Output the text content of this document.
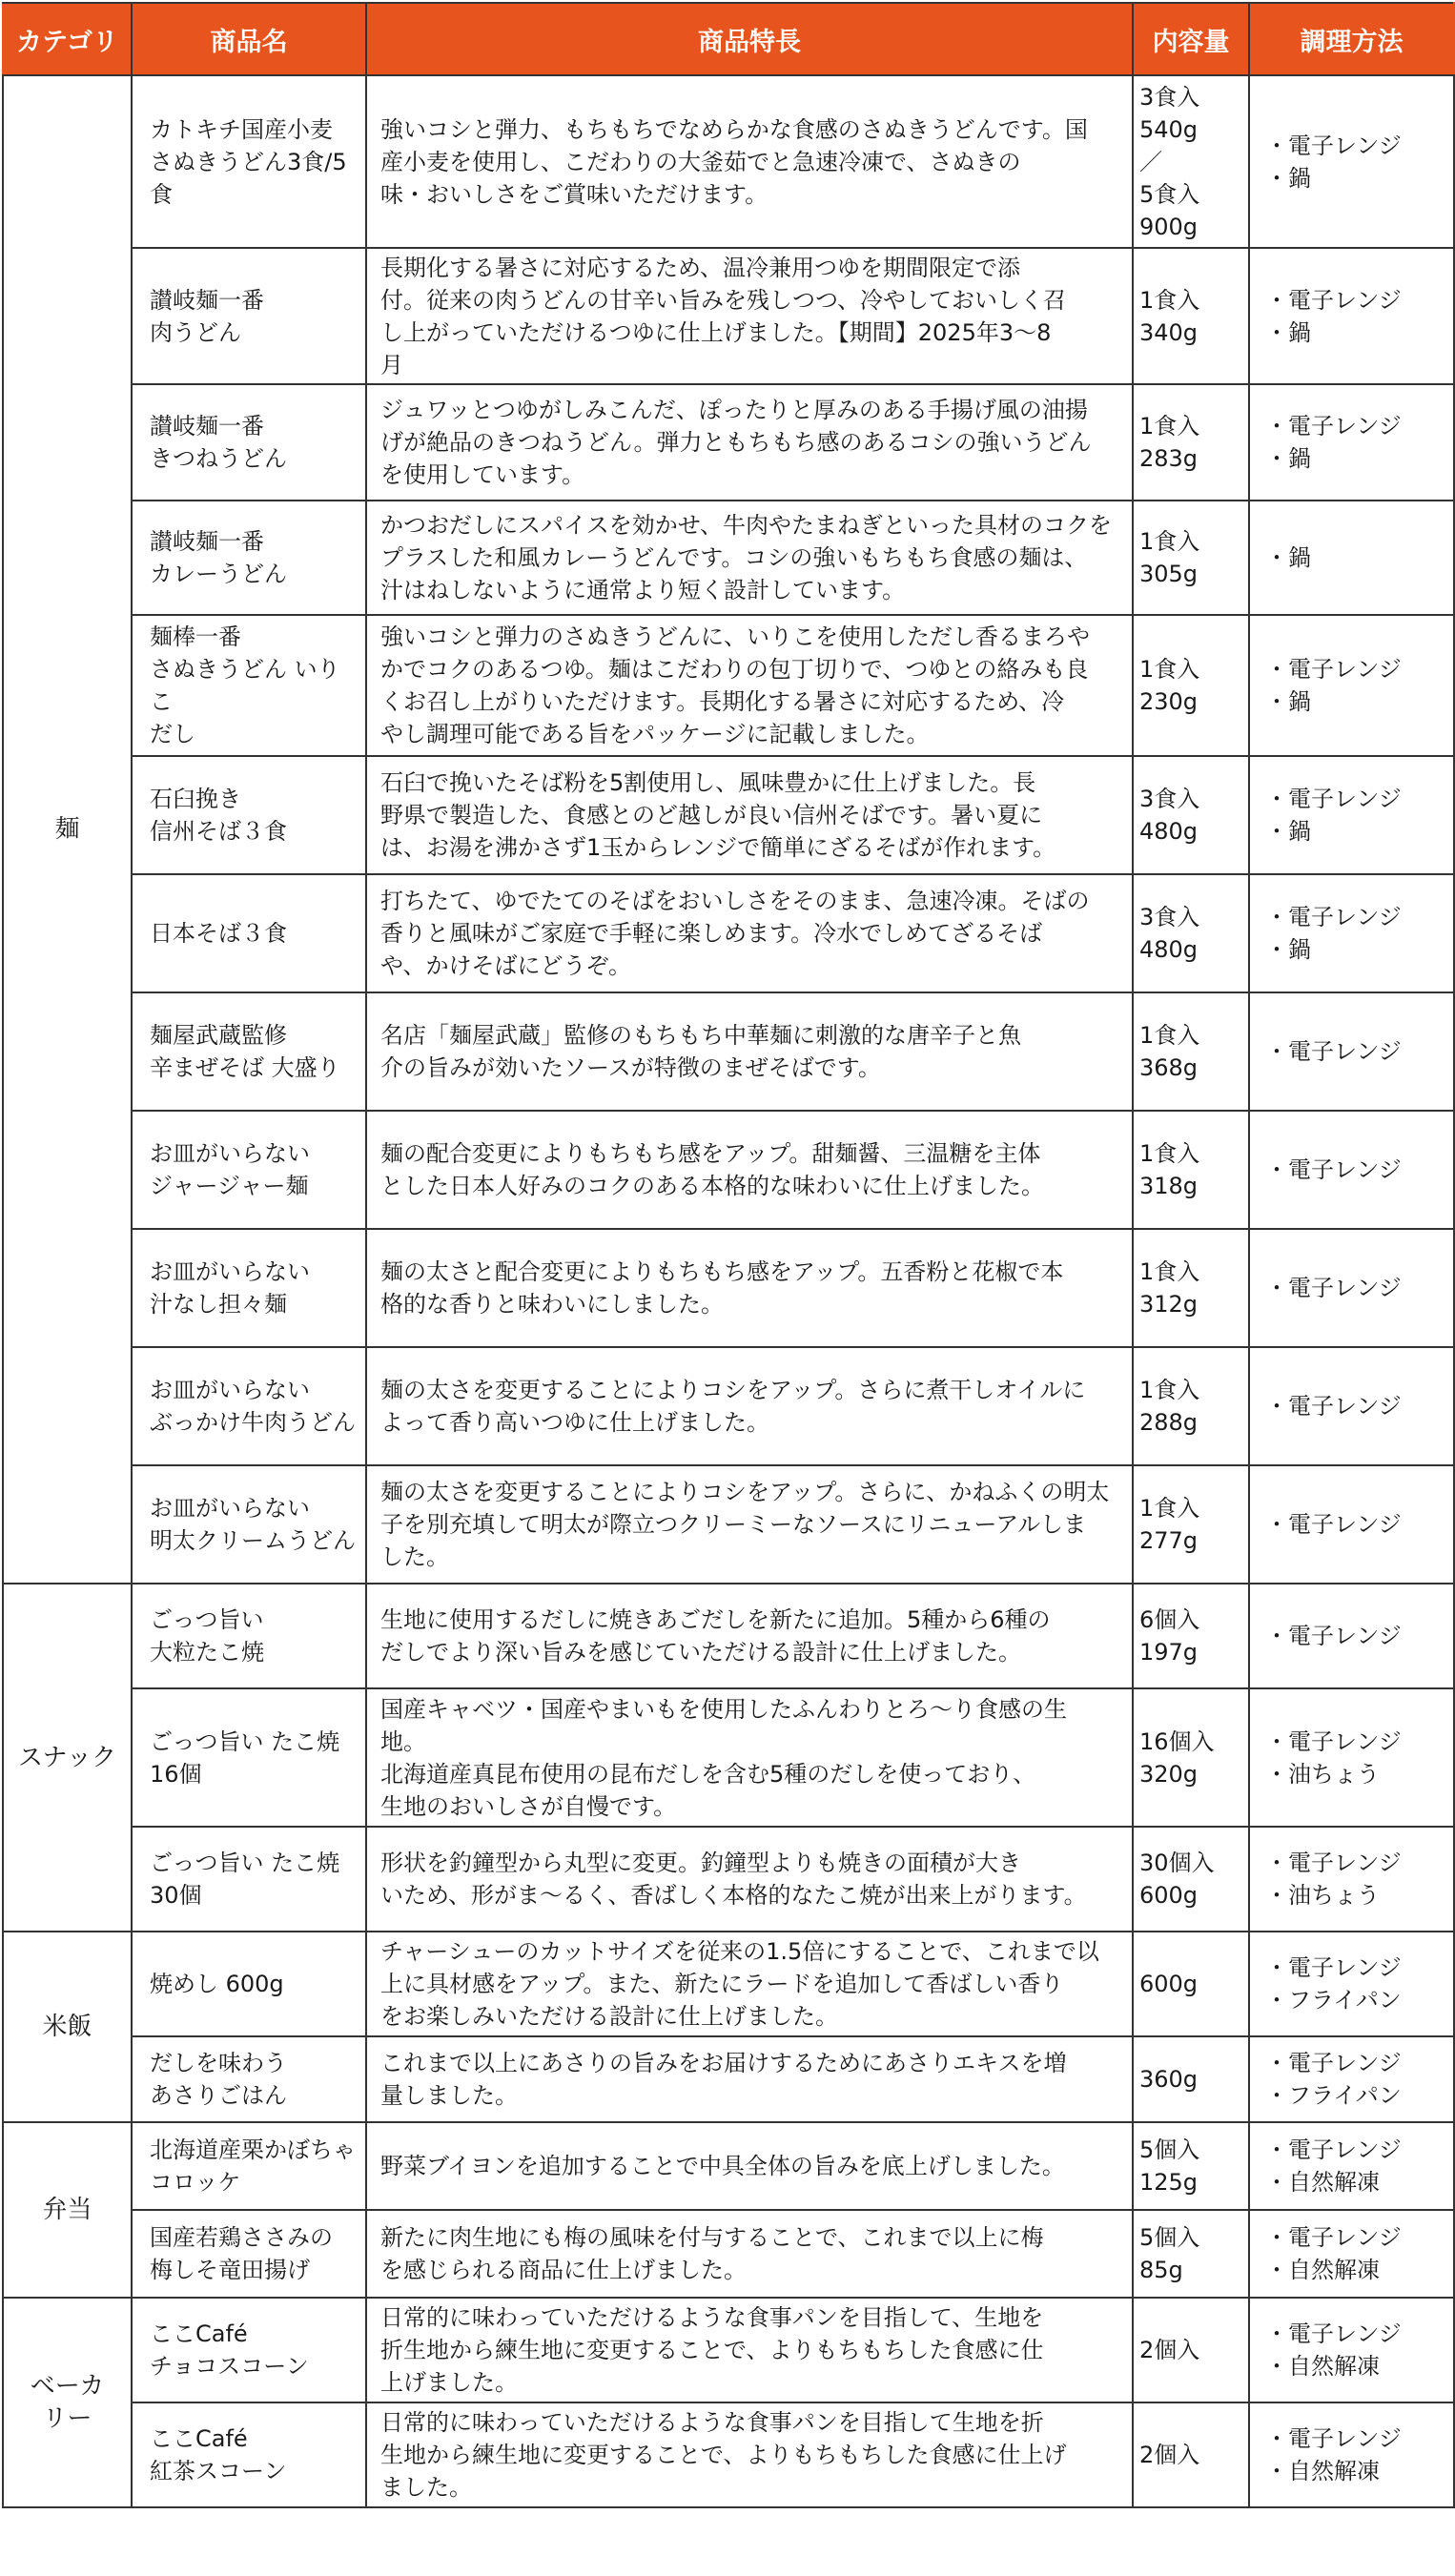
カテゴリ	商品名	商品特長	内容量	調理方法
麺	カトキチ国産小麦
さぬきうどん3食/5
食	強いコシと弾力、もちもちでなめらかな食感のさぬきうどんです。国
産小麦を使用し、こだわりの大釜茹でと急速冷凍で、さぬきの
味・おいしさをご賞味いただけます。	3食入
540g
／
5食入
900g	・電子レンジ
・鍋
	讃岐麺一番
肉うどん	長期化する暑さに対応するため、温冷兼用つゆを期間限定で添
付。従来の肉うどんの甘辛い旨みを残しつつ、冷やしておいしく召
し上がっていただけるつゆに仕上げました。【期間】2025年3～8
月	1食入
340g	・電子レンジ
・鍋
	讃岐麺一番
きつねうどん	ジュワッとつゆがしみこんだ、ぽったりと厚みのある手揚げ風の油揚
げが絶品のきつねうどん。弾力ともちもち感のあるコシの強いうどん
を使用しています。	1食入
283g	・電子レンジ
・鍋
	讃岐麺一番
カレーうどん	かつおだしにスパイスを効かせ、牛肉やたまねぎといった具材のコクを
プラスした和風カレーうどんです。コシの強いもちもち食感の麺は、
汁はねしないように通常より短く設計しています。	1食入
305g	・鍋
	麺棒一番
さぬきうどん いりこ
だし	強いコシと弾力のさぬきうどんに、いりこを使用しただし香るまろや
かでコクのあるつゆ。麺はこだわりの包丁切りで、つゆとの絡みも良
くお召し上がりいただけます。長期化する暑さに対応するため、冷
やし調理可能である旨をパッケージに記載しました。	1食入
230g	・電子レンジ
・鍋
	石臼挽き
信州そば３食	石臼で挽いたそば粉を5割使用し、風味豊かに仕上げました。長
野県で製造した、食感とのど越しが良い信州そばです。暑い夏に
は、お湯を沸かさず1玉からレンジで簡単にざるそばが作れます。	3食入
480g	・電子レンジ
・鍋
	日本そば３食	打ちたて、ゆでたてのそばをおいしさをそのまま、急速冷凍。そばの
香りと風味がご家庭で手軽に楽しめます。冷水でしめてざるそば
や、かけそばにどうぞ。	3食入
480g	・電子レンジ
・鍋
	麺屋武蔵監修
辛まぜそば 大盛り	名店「麺屋武蔵」監修のもちもち中華麺に刺激的な唐辛子と魚
介の旨みが効いたソースが特徴のまぜそばです。	1食入
368g	・電子レンジ
	お皿がいらない
ジャージャー麺	麺の配合変更によりもちもち感をアップ。甜麺醤、三温糖を主体
とした日本人好みのコクのある本格的な味わいに仕上げました。	1食入
318g	・電子レンジ
	お皿がいらない
汁なし担々麺	麺の太さと配合変更によりもちもち感をアップ。五香粉と花椒で本
格的な香りと味わいにしました。	1食入
312g	・電子レンジ
	お皿がいらない
ぶっかけ牛肉うどん	麺の太さを変更することによりコシをアップ。さらに煮干しオイルに
よって香り高いつゆに仕上げました。	1食入
288g	・電子レンジ
	お皿がいらない
明太クリームうどん	麺の太さを変更することによりコシをアップ。さらに、かねふくの明太
子を別充填して明太が際立つクリーミーなソースにリニューアルしま
した。	1食入
277g	・電子レンジ
スナック	ごっつ旨い
大粒たこ焼	生地に使用するだしに焼きあごだしを新たに追加。5種から6種の
だしでより深い旨みを感じていただける設計に仕上げました。	6個入
197g	・電子レンジ
	ごっつ旨い たこ焼
16個	国産キャベツ・国産やまいもを使用したふんわりとろ～り食感の生
地。
北海道産真昆布使用の昆布だしを含む5種のだしを使っており、
生地のおいしさが自慢です。	16個入
320g	・電子レンジ
・油ちょう
	ごっつ旨い たこ焼
30個	形状を釣鐘型から丸型に変更。釣鐘型よりも焼きの面積が大き
いため、形がま～るく、香ばしく本格的なたこ焼が出来上がります。	30個入
600g	・電子レンジ
・油ちょう
米飯	焼めし 600g	チャーシューのカットサイズを従来の1.5倍にすることで、これまで以
上に具材感をアップ。また、新たにラードを追加して香ばしい香り
をお楽しみいただける設計に仕上げました。	600g	・電子レンジ
・フライパン
	だしを味わう
あさりごはん	これまで以上にあさりの旨みをお届けするためにあさりエキスを増
量しました。	360g	・電子レンジ
・フライパン
弁当	北海道産栗かぼちゃ
コロッケ	野菜ブイヨンを追加することで中具全体の旨みを底上げしました。	5個入
125g	・電子レンジ
・自然解凍
	国産若鶏ささみの
梅しそ竜田揚げ	新たに肉生地にも梅の風味を付与することで、これまで以上に梅
を感じられる商品に仕上げました。	5個入
85g	・電子レンジ
・自然解凍
ベーカ
リー	ここCafé
チョコスコーン	日常的に味わっていただけるような食事パンを目指して、生地を
折生地から練生地に変更することで、よりもちもちした食感に仕
上げました。	2個入	・電子レンジ
・自然解凍
	ここCafé
紅茶スコーン	日常的に味わっていただけるような食事パンを目指して生地を折
生地から練生地に変更することで、よりもちもちした食感に仕上げ
ました。	2個入	・電子レンジ
・自然解凍
